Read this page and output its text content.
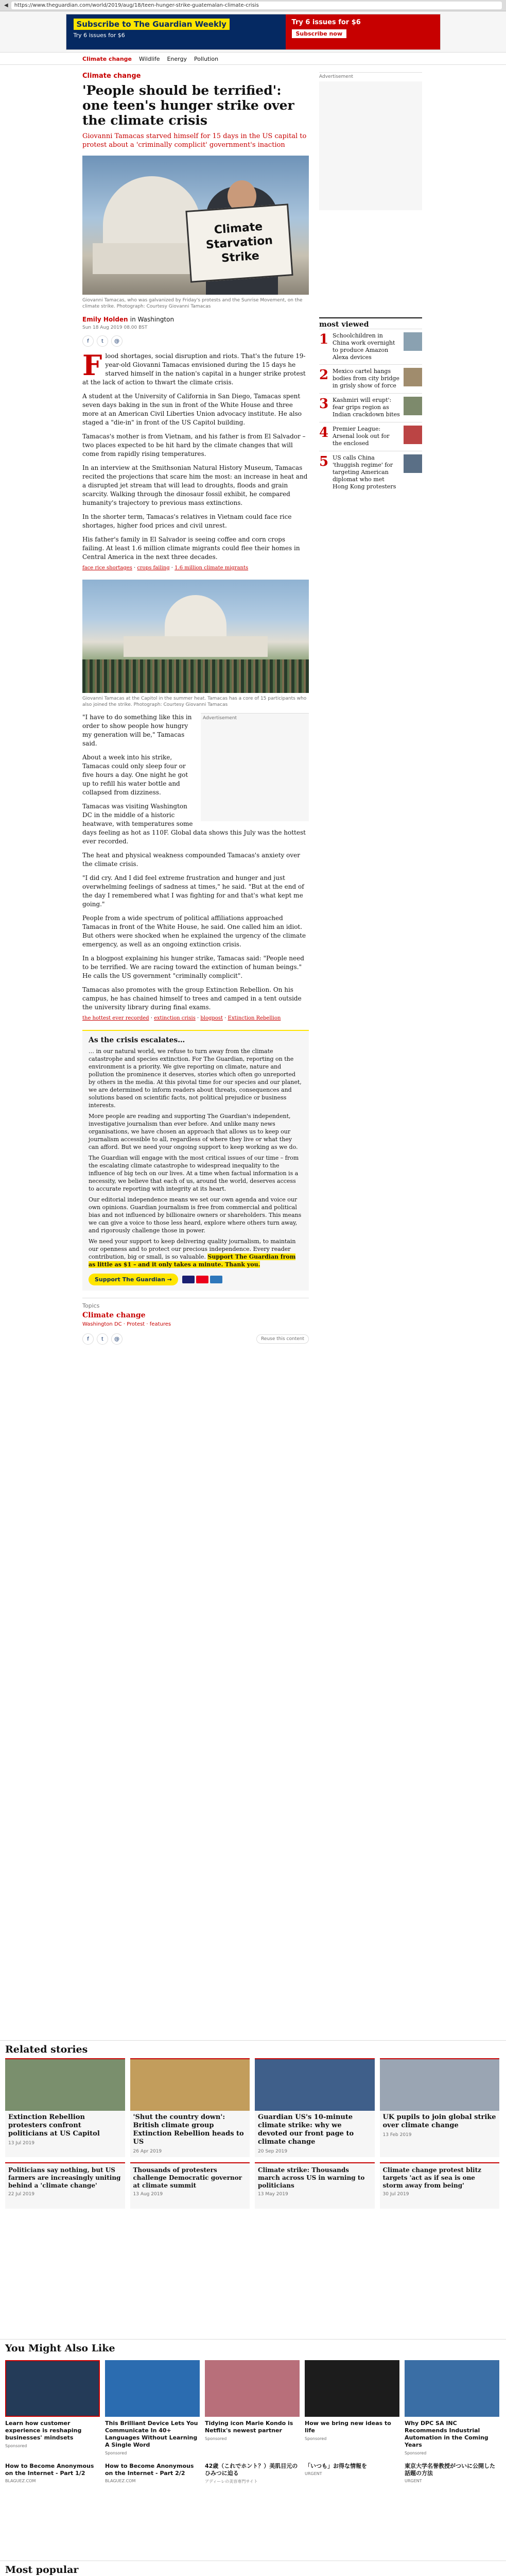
◀	https://www.theguardian.com/world/2019/aug/18/teen-hunger-strike-guatemalan-climate-crisis
Subscribe to The Guardian Weekly
Try 6 issues for $6
Try 6 issues for $6
Subscribe now
Climate change Wildlife Energy Pollution
Climate change
'People should be terrified': one teen's hunger strike over the climate crisis
Giovanni Tamacas starved himself for 15 days in the US capital to protest about a 'criminally complicit' government's inaction
Climate
Starvation
Strike
Giovanni Tamacas, who was galvanized by Friday's protests and the Sunrise Movement, on the climate strike. Photograph: Courtesy Giovanni Tamacas
Emily Holden in Washington
Sun 18 Aug 2019 08.00 BST
f	t	@

Flood shortages, social disruption and riots. That's the future 19-year-old Giovanni Tamacas envisioned during the 15 days he starved himself in the nation's capital in a hunger strike protest at the lack of action to thwart the climate crisis.

A student at the University of California in San Diego, Tamacas spent seven days baking in the sun in front of the White House and three more at an American Civil Liberties Union advocacy institute. He also staged a "die-in" in front of the US Capitol building.

Tamacas's mother is from Vietnam, and his father is from El Salvador – two places expected to be hit hard by the climate changes that will come from rapidly rising temperatures.

In an interview at the Smithsonian Natural History Museum, Tamacas recited the projections that scare him the most: an increase in heat and a disrupted jet stream that will lead to droughts, floods and grain scarcity. Walking through the dinosaur fossil exhibit, he compared humanity's trajectory to previous mass extinctions.

In the shorter term, Tamacas's relatives in Vietnam could face rice shortages, higher food prices and civil unrest.

His father's family in El Salvador is seeing coffee and corn crops failing. At least 1.6 million climate migrants could flee their homes in Central America in the next three decades.

face rice shortages · crops failing · 1.6 million climate migrants

Giovanni Tamacas at the Capitol in the summer heat. Tamacas has a core of 15 participants who also joined the strike. Photograph: Courtesy Giovanni Tamacas
Advertisement

"I have to do something like this in order to show people how hungry my generation will be," Tamacas said.

About a week into his strike, Tamacas could only sleep four or five hours a day. One night he got up to refill his water bottle and collapsed from dizziness.

Tamacas was visiting Washington DC in the middle of a historic heatwave, with temperatures some days feeling as hot as 110F. Global data shows this July was the hottest ever recorded.

The heat and physical weakness compounded Tamacas's anxiety over the climate crisis.

"I did cry. And I did feel extreme frustration and hunger and just overwhelming feelings of sadness at times," he said. "But at the end of the day I remembered what I was fighting for and that's what kept me going."

People from a wide spectrum of political affiliations approached Tamacas in front of the White House, he said. One called him an idiot. But others were shocked when he explained the urgency of the climate emergency, as well as an ongoing extinction crisis.

In a blogpost explaining his hunger strike, Tamacas said: "People need to be terrified. We are racing toward the extinction of human beings." He calls the US government "criminally complicit".

Tamacas also promotes with the group Extinction Rebellion. On his campus, he has chained himself to trees and camped in a tent outside the university library during final exams.

the hottest ever recorded · extinction crisis · blogpost · Extinction Rebellion

As the crisis escalates…

… in our natural world, we refuse to turn away from the climate catastrophe and species extinction. For The Guardian, reporting on the environment is a priority. We give reporting on climate, nature and pollution the prominence it deserves, stories which often go unreported by others in the media. At this pivotal time for our species and our planet, we are determined to inform readers about threats, consequences and solutions based on scientific facts, not political prejudice or business interests.

More people are reading and supporting The Guardian's independent, investigative journalism than ever before. And unlike many news organisations, we have chosen an approach that allows us to keep our journalism accessible to all, regardless of where they live or what they can afford. But we need your ongoing support to keep working as we do.

The Guardian will engage with the most critical issues of our time – from the escalating climate catastrophe to widespread inequality to the influence of big tech on our lives. At a time when factual information is a necessity, we believe that each of us, around the world, deserves access to accurate reporting with integrity at its heart.

Our editorial independence means we set our own agenda and voice our own opinions. Guardian journalism is free from commercial and political bias and not influenced by billionaire owners or shareholders. This means we can give a voice to those less heard, explore where others turn away, and rigorously challenge those in power.

We need your support to keep delivering quality journalism, to maintain our openness and to protect our precious independence. Every reader contribution, big or small, is so valuable. Support The Guardian from as little as $1 – and it only takes a minute. Thank you.

Support The Guardian →
Topics
Climate change
Washington DC · Protest · features
f	t	@	Reuse this content
Advertisement
most viewed
1 Schoolchildren in China work overnight to produce Amazon Alexa devices
2 Mexico cartel hangs bodies from city bridge in grisly show of force
3 Kashmiri will erupt': fear grips region as Indian crackdown bites
4 Premier League: Arsenal look out for the enclosed
5 US calls China 'thuggish regime' for targeting American diplomat who met Hong Kong protesters
Related stories
Extinction Rebellion protesters confront politicians at US Capitol
13 Jul 2019
'Shut the country down': British climate group Extinction Rebellion heads to US
26 Apr 2019
Guardian US's 10-minute climate strike: why we devoted our front page to climate change
20 Sep 2019
UK pupils to join global strike over climate change
13 Feb 2019
Politicians say nothing, but US farmers are increasingly uniting behind a 'climate change'
22 Jul 2019
Thousands of protesters challenge Democratic governor at climate summit
13 Aug 2019
Climate strike: Thousands march across US in warning to politicians
13 May 2019
Climate change protest blitz targets 'act as if sea is one storm away from being'
30 Jul 2019
You Might Also Like
Learn how customer experience is reshaping businesses' mindsets
Sponsored
This Brilliant Device Lets You Communicate In 40+ Languages Without Learning A Single Word
Sponsored
Tidying icon Marie Kondo is Netflix's newest partner
Sponsored
How we bring new ideas to life
Sponsored
Why DPC SA INC Recommends Industrial Automation in the Coming Years
Sponsored
How to Become Anonymous on the Internet - Part 1/2
BLAGUEZ.COM
How to Become Anonymous on the Internet - Part 2/2
BLAGUEZ.COM
42歳（これでホント？）美肌目元のひみつに迫る
アディーレの美容専門サイト
「いつも」お得な情報を
URGENT
東京大学名誉教授がついに公開した話題の方法
URGENT
Most popular
